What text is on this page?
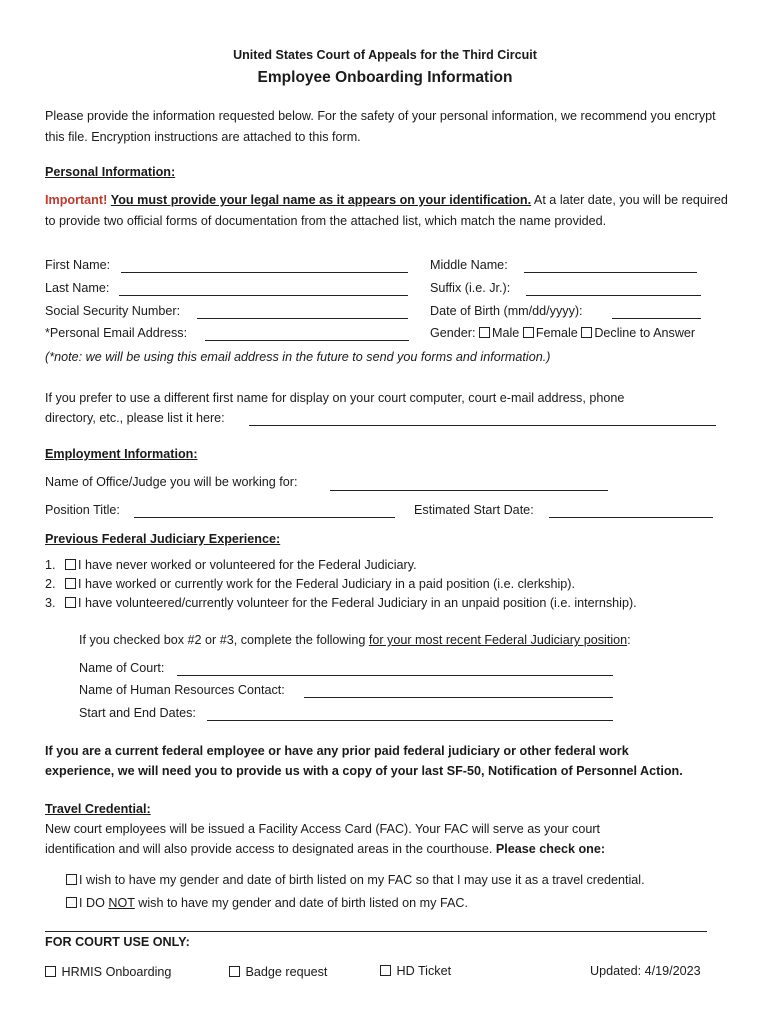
United States Court of Appeals for the Third Circuit
Employee Onboarding Information
Please provide the information requested below. For the safety of your personal information, we recommend you encrypt this file. Encryption instructions are attached to this form.
Personal Information:
Important! You must provide your legal name as it appears on your identification. At a later date, you will be required to provide two official forms of documentation from the attached list, which match the name provided.
First Name:	Middle Name:
Last Name:	Suffix (i.e. Jr.):
Social Security Number:	Date of Birth (mm/dd/yyyy):
*Personal Email Address:	Gender: Male Female Decline to Answer
(*note: we will be using this email address in the future to send you forms and information.)
If you prefer to use a different first name for display on your court computer, court e-mail address, phone
directory, etc., please list it here:
Employment Information:
Name of Office/Judge you will be working for:
Position Title:	Estimated Start Date:
Previous Federal Judiciary Experience:
1. I have never worked or volunteered for the Federal Judiciary.
2. I have worked or currently work for the Federal Judiciary in a paid position (i.e. clerkship).
3. I have volunteered/currently volunteer for the Federal Judiciary in an unpaid position (i.e. internship).
If you checked box #2 or #3, complete the following for your most recent Federal Judiciary position:
Name of Court:
Name of Human Resources Contact:
Start and End Dates:
If you are a current federal employee or have any prior paid federal judiciary or other federal work
experience, we will need you to provide us with a copy of your last SF-50, Notification of Personnel Action.
Travel Credential:
New court employees will be issued a Facility Access Card (FAC). Your FAC will serve as your court
identification and will also provide access to designated areas in the courthouse. Please check one:
I wish to have my gender and date of birth listed on my FAC so that I may use it as a travel credential.
I DO NOT wish to have my gender and date of birth listed on my FAC.
FOR COURT USE ONLY:
HRMIS Onboarding	Badge request	HD Ticket	Updated: 4/19/2023
